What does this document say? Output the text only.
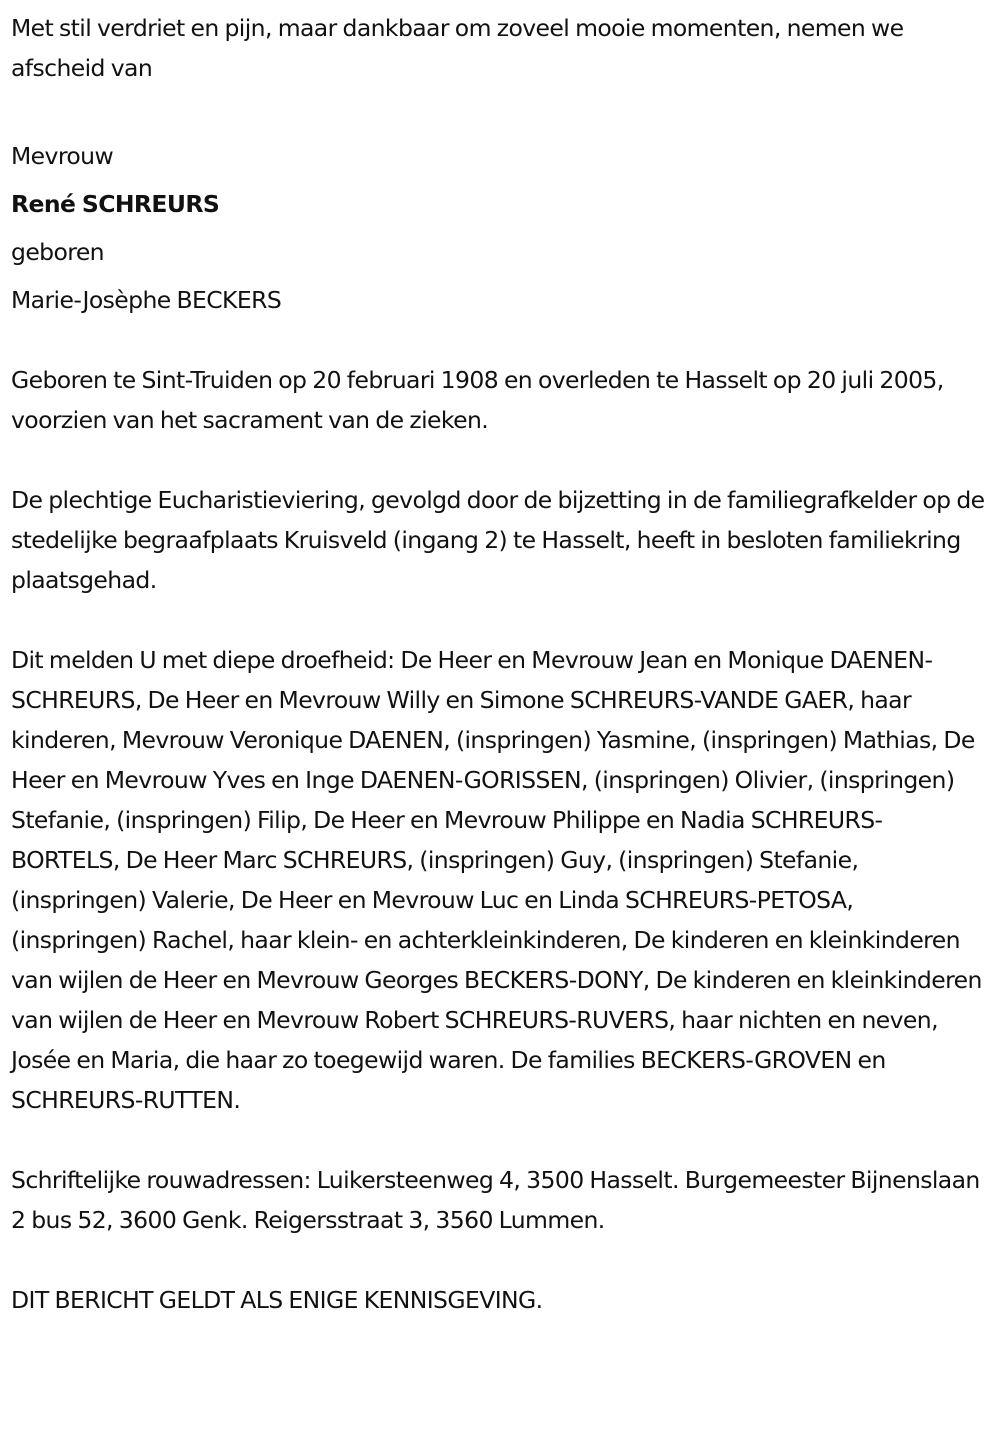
Met stil verdriet en pijn, maar dankbaar om zoveel mooie momenten, nemen we afscheid van

Mevrouw

René SCHREURS

geboren

Marie-Josèphe BECKERS

Geboren te Sint-Truiden op 20 februari 1908 en overleden te Hasselt op 20 juli 2005, voorzien van het sacrament van de zieken.

De plechtige Eucharistieviering, gevolgd door de bijzetting in de familiegrafkelder op de stedelijke begraafplaats Kruisveld (ingang 2) te Hasselt, heeft in besloten familiekring plaatsgehad.

Dit melden U met diepe droefheid: De Heer en Mevrouw Jean en Monique DAENEN-SCHREURS, De Heer en Mevrouw Willy en Simone SCHREURS-VANDE GAER, haar kinderen, Mevrouw Veronique DAENEN, (inspringen) Yasmine, (inspringen) Mathias, De Heer en Mevrouw Yves en Inge DAENEN-GORISSEN, (inspringen) Olivier, (inspringen) Stefanie, (inspringen) Filip, De Heer en Mevrouw Philippe en Nadia SCHREURS-BORTELS, De Heer Marc SCHREURS, (inspringen) Guy, (inspringen) Stefanie, (inspringen) Valerie, De Heer en Mevrouw Luc en Linda SCHREURS-PETOSA, (inspringen) Rachel, haar klein- en achterkleinkinderen, De kinderen en kleinkinderen van wijlen de Heer en Mevrouw Georges BECKERS-DONY, De kinderen en kleinkinderen van wijlen de Heer en Mevrouw Robert SCHREURS-RUVERS, haar nichten en neven, Josée en Maria, die haar zo toegewijd waren. De families BECKERS-GROVEN en SCHREURS-RUTTEN.

Schriftelijke rouwadressen: Luikersteenweg 4, 3500 Hasselt. Burgemeester Bijnenslaan 2 bus 52, 3600 Genk. Reigersstraat 3, 3560 Lummen.

DIT BERICHT GELDT ALS ENIGE KENNISGEVING.
